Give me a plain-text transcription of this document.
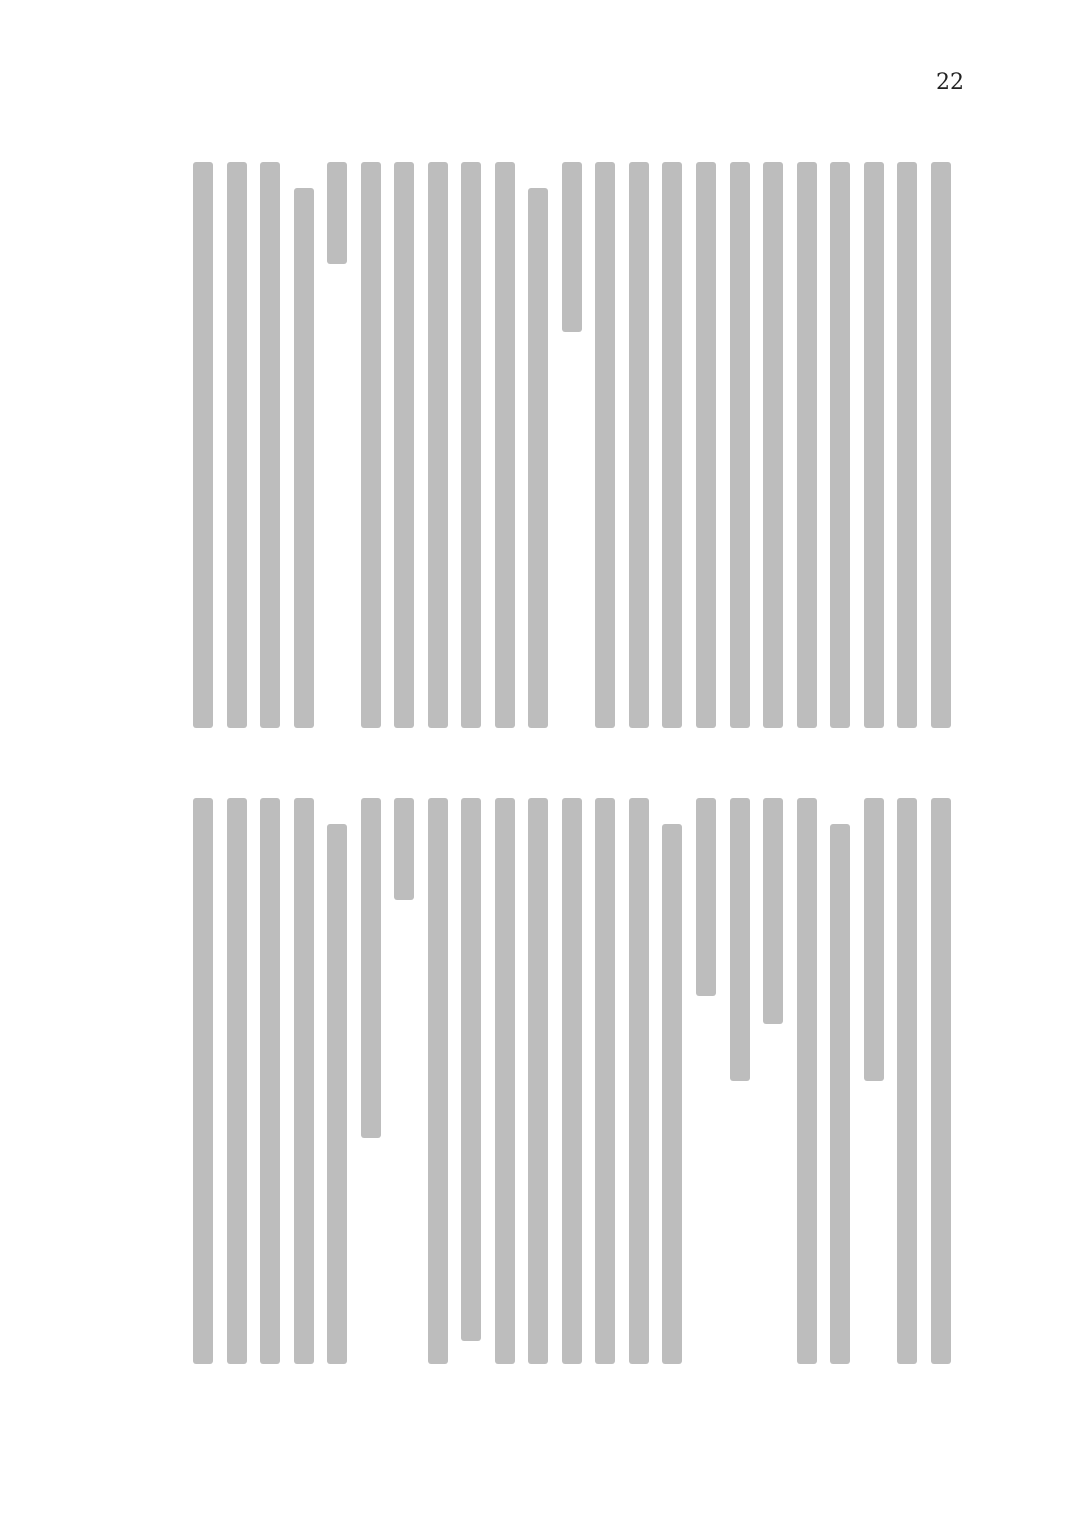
22
